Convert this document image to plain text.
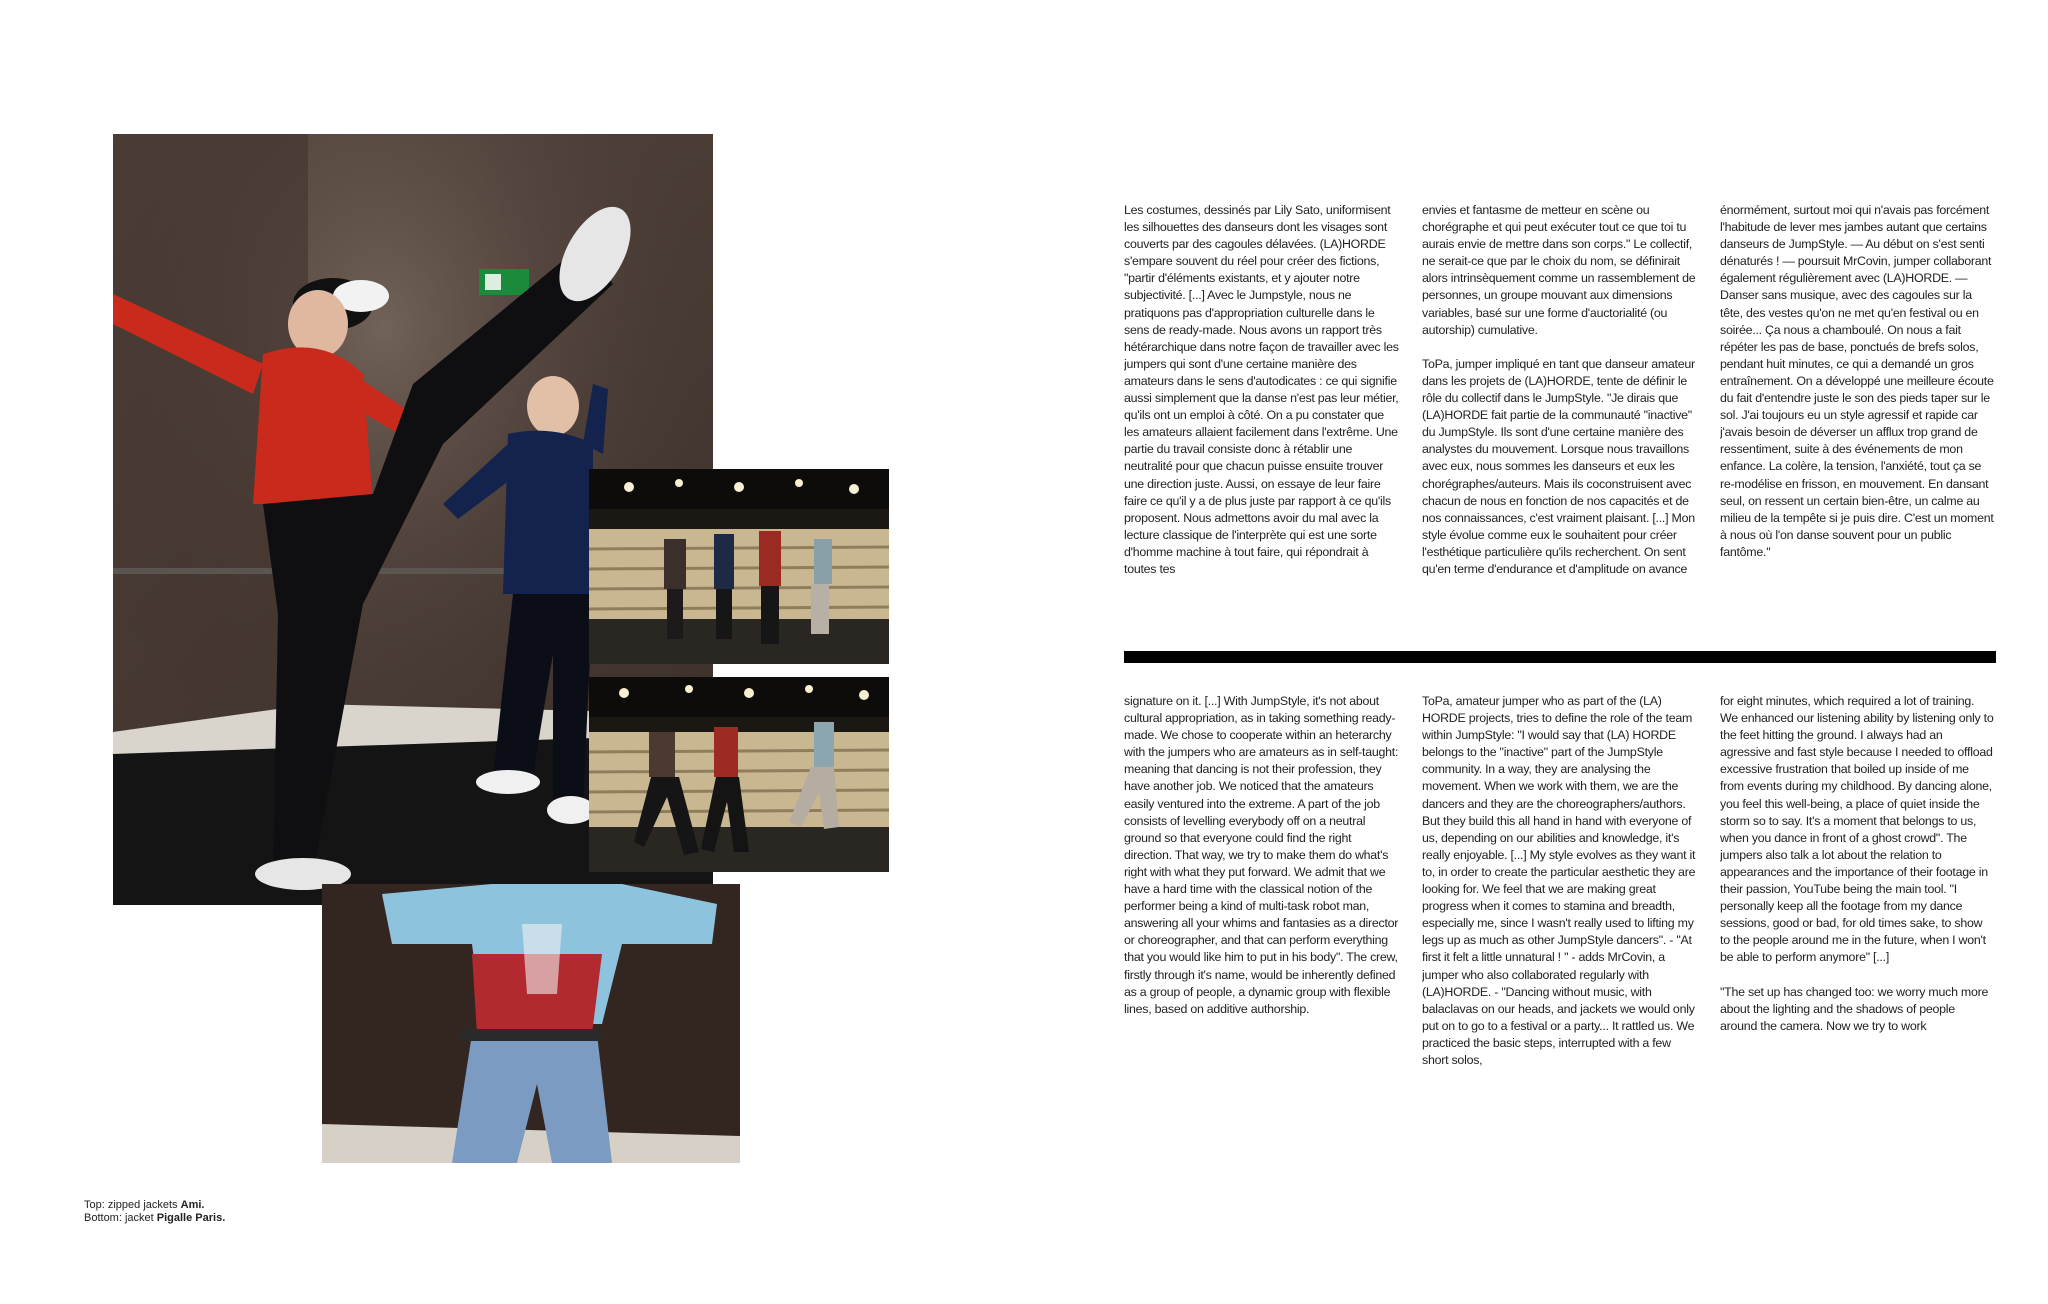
Top: zipped jackets Ami.
Bottom: jacket Pigalle Paris.
Les costumes, dessinés par Lily Sato, uniformisent les silhouettes des danseurs dont les visages sont couverts par des cagoules délavées. (LA)HORDE s'empare souvent du réel pour créer des fictions, "partir d'éléments existants, et y ajouter notre subjectivité. [...] Avec le Jumpstyle, nous ne pratiquons pas d'appropriation culturelle dans le sens de ready-made. Nous avons un rapport très hétérarchique dans notre façon de travailler avec les jumpers qui sont d'une certaine manière des amateurs dans le sens d'autodicates : ce qui signifie aussi simplement que la danse n'est pas leur métier, qu'ils ont un emploi à côté. On a pu constater que les amateurs allaient facilement dans l'extrême. Une partie du travail consiste donc à rétablir une neutralité pour que chacun puisse ensuite trouver une direction juste. Aussi, on essaye de leur faire faire ce qu'il y a de plus juste par rapport à ce qu'ils proposent. Nous admettons avoir du mal avec la lecture classique de l'interprète qui est une sorte d'homme machine à tout faire, qui répondrait à toutes tes
envies et fantasme de metteur en scène ou chorégraphe et qui peut exécuter tout ce que toi tu aurais envie de mettre dans son corps." Le collectif, ne serait-ce que par le choix du nom, se définirait alors intrinsèquement comme un rassemblement de personnes, un groupe mouvant aux dimensions variables, basé sur une forme d'auctorialité (ou autorship) cumulative.

ToPa, jumper impliqué en tant que danseur amateur dans les projets de (LA)HORDE, tente de définir le rôle du collectif dans le JumpStyle. "Je dirais que (LA)HORDE fait partie de la communauté "inactive" du JumpStyle. Ils sont d'une certaine manière des analystes du mouvement. Lorsque nous travaillons avec eux, nous sommes les danseurs et eux les chorégraphes/auteurs. Mais ils coconstruisent avec chacun de nous en fonction de nos capacités et de nos connaissances, c'est vraiment plaisant. [...] Mon style évolue comme eux le souhaitent pour créer l'esthétique particulière qu'ils recherchent. On sent qu'en terme d'endurance et d'amplitude on avance
énormément, surtout moi qui n'avais pas forcément l'habitude de lever mes jambes autant que certains danseurs de JumpStyle. — Au début on s'est senti dénaturés ! — poursuit MrCovin, jumper collaborant également régulièrement avec (LA)HORDE. — Danser sans musique, avec des cagoules sur la tête, des vestes qu'on ne met qu'en festival ou en soirée... Ça nous a chamboulé. On nous a fait répéter les pas de base, ponctués de brefs solos, pendant huit minutes, ce qui a demandé un gros entraînement. On a développé une meilleure écoute du fait d'entendre juste le son des pieds taper sur le sol. J'ai toujours eu un style agressif et rapide car j'avais besoin de déverser un afflux trop grand de ressentiment, suite à des événements de mon enfance. La colère, la tension, l'anxiété, tout ça se re-modélise en frisson, en mouvement. En dansant seul, on ressent un certain bien-être, un calme au milieu de la tempête si je puis dire. C'est un moment à nous où l'on danse souvent pour un public fantôme."
signature on it. [...] With JumpStyle, it's not about cultural appropriation, as in taking something ready-made. We chose to cooperate within an heterarchy with the jumpers who are amateurs as in self-taught: meaning that dancing is not their profession, they have another job. We noticed that the amateurs easily ventured into the extreme. A part of the job consists of levelling everybody off on a neutral ground so that everyone could find the right direction. That way, we try to make them do what's right with what they put forward. We admit that we have a hard time with the classical notion of the performer being a kind of multi-task robot man, answering all your whims and fantasies as a director or choreographer, and that can perform everything that you would like him to put in his body". The crew, firstly through it's name, would be inherently defined as a group of people, a dynamic group with flexible lines, based on additive authorship.
ToPa, amateur jumper who as part of the (LA) HORDE projects, tries to define the role of the team within JumpStyle: "I would say that (LA) HORDE belongs to the "inactive" part of the JumpStyle community. In a way, they are analysing the movement. When we work with them, we are the dancers and they are the choreographers/authors. But they build this all hand in hand with everyone of us, depending on our abilities and knowledge, it's really enjoyable. [...] My style evolves as they want it to, in order to create the particular aesthetic they are looking for. We feel that we are making great progress when it comes to stamina and breadth, especially me, since I wasn't really used to lifting my legs up as much as other JumpStyle dancers". - "At first it felt a little unnatural ! " - adds MrCovin, a jumper who also collaborated regularly with (LA)HORDE. - "Dancing without music, with balaclavas on our heads, and jackets we would only put on to go to a festival or a party... It rattled us. We practiced the basic steps, interrupted with a few short solos,
for eight minutes, which required a lot of training. We enhanced our listening ability by listening only to the feet hitting the ground. I always had an agressive and fast style because I needed to offload excessive frustration that boiled up inside of me from events during my childhood. By dancing alone, you feel this well-being, a place of quiet inside the storm so to say. It's a moment that belongs to us, when you dance in front of a ghost crowd". The jumpers also talk a lot about the relation to appearances and the importance of their footage in their passion, YouTube being the main tool. "I personally keep all the footage from my dance sessions, good or bad, for old times sake, to show to the people around me in the future, when I won't be able to perform anymore" [...]

"The set up has changed too: we worry much more about the lighting and the shadows of people around the camera. Now we try to work
